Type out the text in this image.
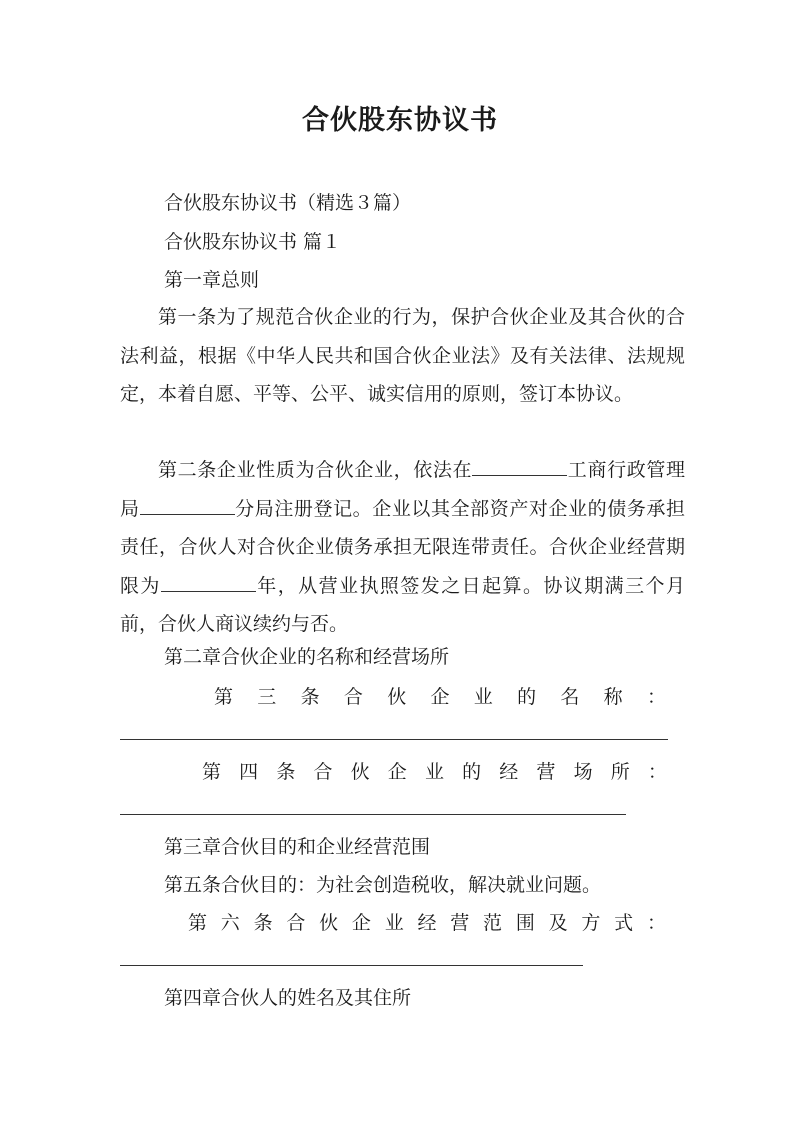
合伙股东协议书
合伙股东协议书（精选３篇）
合伙股东协议书 篇１
第一章总则
第一条为了规范合伙企业的行为，保护合伙企业及其合伙的合法利益，根据《中华人民共和国合伙企业法》及有关法律、法规规定，本着自愿、平等、公平、诚实信用的原则，签订本协议。
第二条企业性质为合伙企业，依法在	工商行政管理局	分局注册登记。企业以其全部资产对企业的债务承担责任，合伙人对合伙企业债务承担无限连带责任。合伙企业经营期限为	年，从营业执照签发之日起算。协议期满三个月前，合伙人商议续约与否。
第二章合伙企业的名称和经营场所
第 三 条 合 伙 企 业 的 名 称 ：
第 四 条 合 伙 企 业 的 经 营 场 所 ：
第三章合伙目的和企业经营范围
第五条合伙目的：为社会创造税收，解决就业问题。
第 六 条 合 伙 企 业 经 营 范 围 及 方 式 ：
第四章合伙人的姓名及其住所
